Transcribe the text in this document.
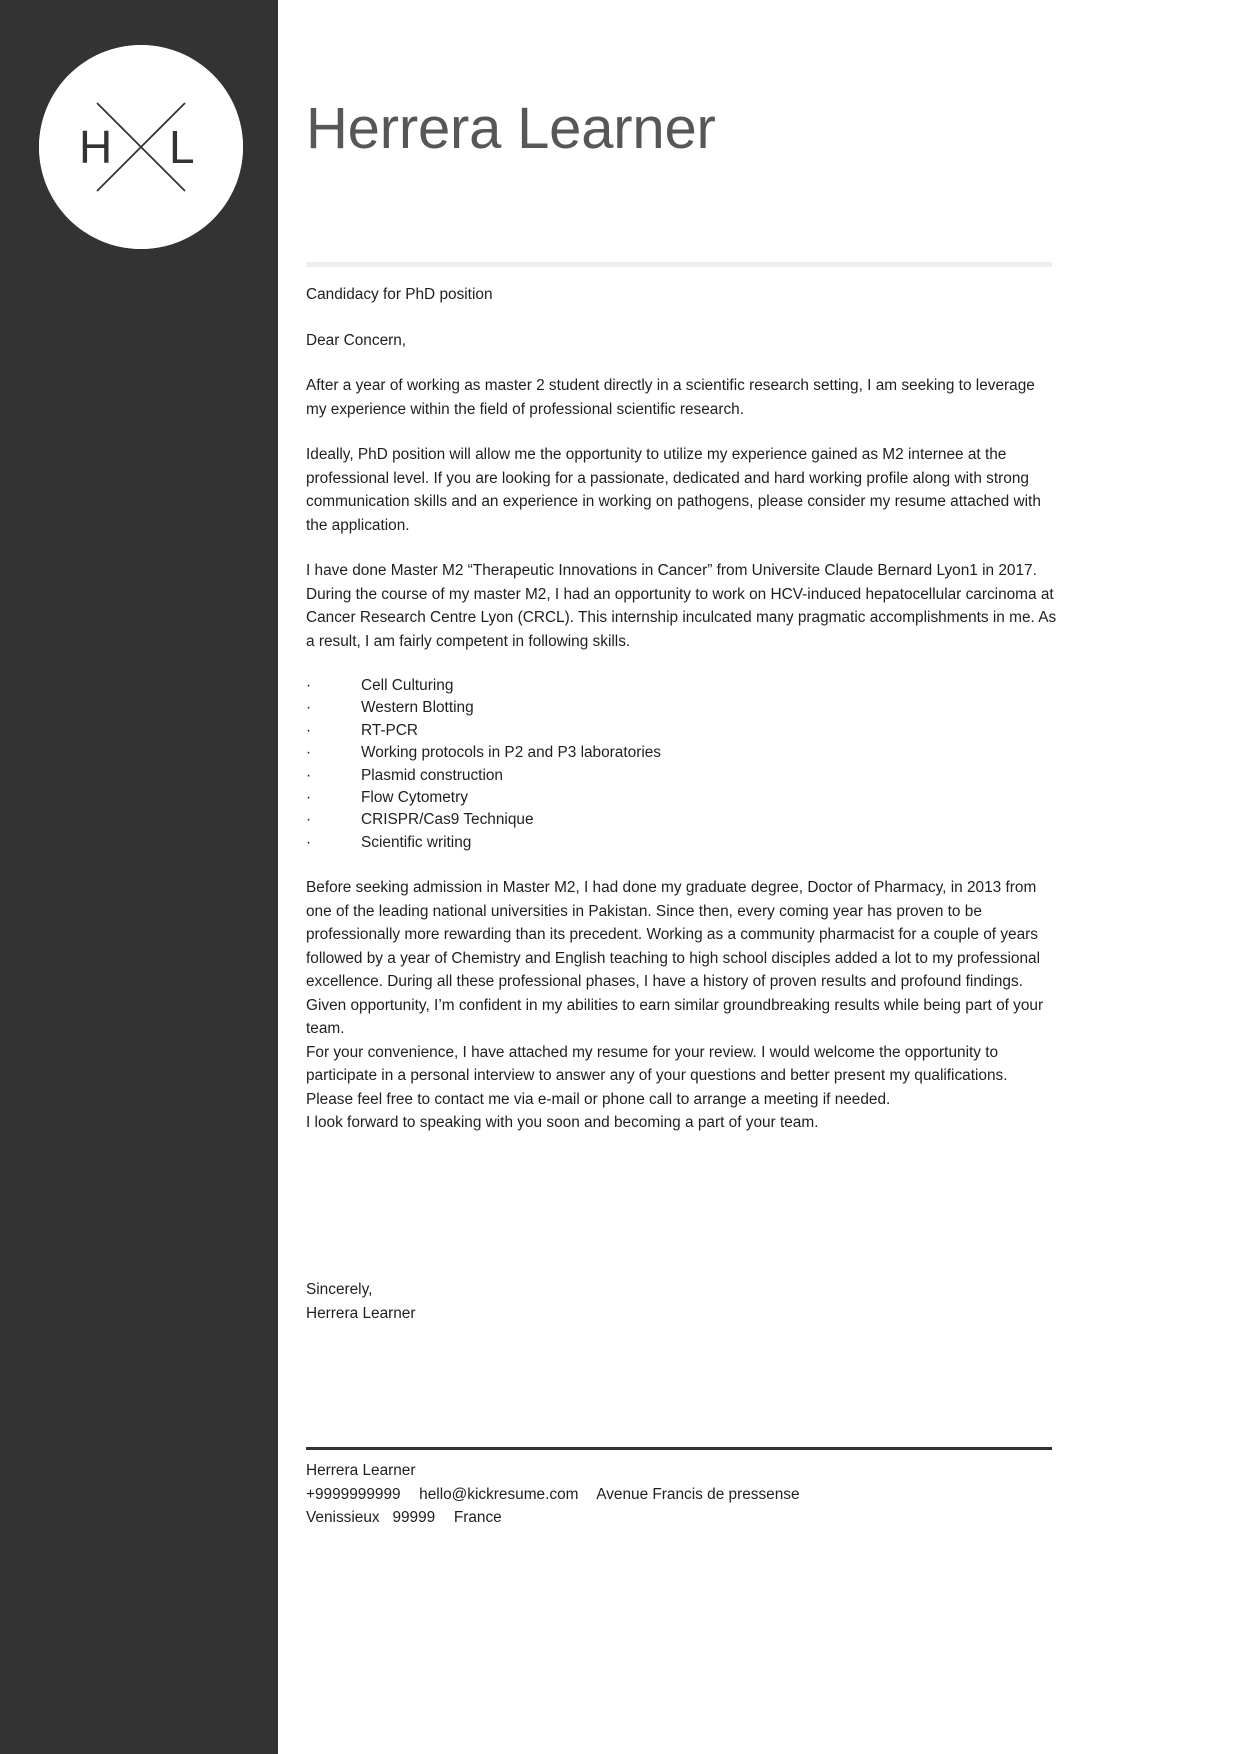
H L Herrera Learner

Candidacy for PhD position

Dear Concern,

After a year of working as master 2 student directly in a scientific research setting, I am seeking to leverage my experience within the field of professional scientific research.

Ideally, PhD position will allow me the opportunity to utilize my experience gained as M2 internee at the professional level. If you are looking for a passionate, dedicated and hard working profile along with strong communication skills and an experience in working on pathogens, please consider my resume attached with the application.

I have done Master M2 “Therapeutic Innovations in Cancer” from Universite Claude Bernard Lyon1 in 2017. During the course of my master M2, I had an opportunity to work on HCV-induced hepatocellular carcinoma at Cancer Research Centre Lyon (CRCL). This internship inculcated many pragmatic accomplishments in me. As a result, I am fairly competent in following skills.

·	Cell Culturing
·	Western Blotting
·	RT-PCR
·	Working protocols in P2 and P3 laboratories
·	Plasmid construction
·	Flow Cytometry
·	CRISPR/Cas9 Technique
·	Scientific writing

Before seeking admission in Master M2, I had done my graduate degree, Doctor of Pharmacy, in 2013 from one of the leading national universities in Pakistan. Since then, every coming year has proven to be professionally more rewarding than its precedent. Working as a community pharmacist for a couple of years followed by a year of Chemistry and English teaching to high school disciples added a lot to my professional excellence. During all these professional phases, I have a history of proven results and profound findings. Given opportunity, I’m confident in my abilities to earn similar groundbreaking results while being part of your team.

For your convenience, I have attached my resume for your review. I would welcome the opportunity to participate in a personal interview to answer any of your questions and better present my qualifications. Please feel free to contact me via e-mail or phone call to arrange a meeting if needed.

I look forward to speaking with you soon and becoming a part of your team.

Sincerely,
Herrera Learner
Herrera Learner
+9999999999 hello@kickresume.com Avenue Francis de pressense
Venissieux 99999 France
